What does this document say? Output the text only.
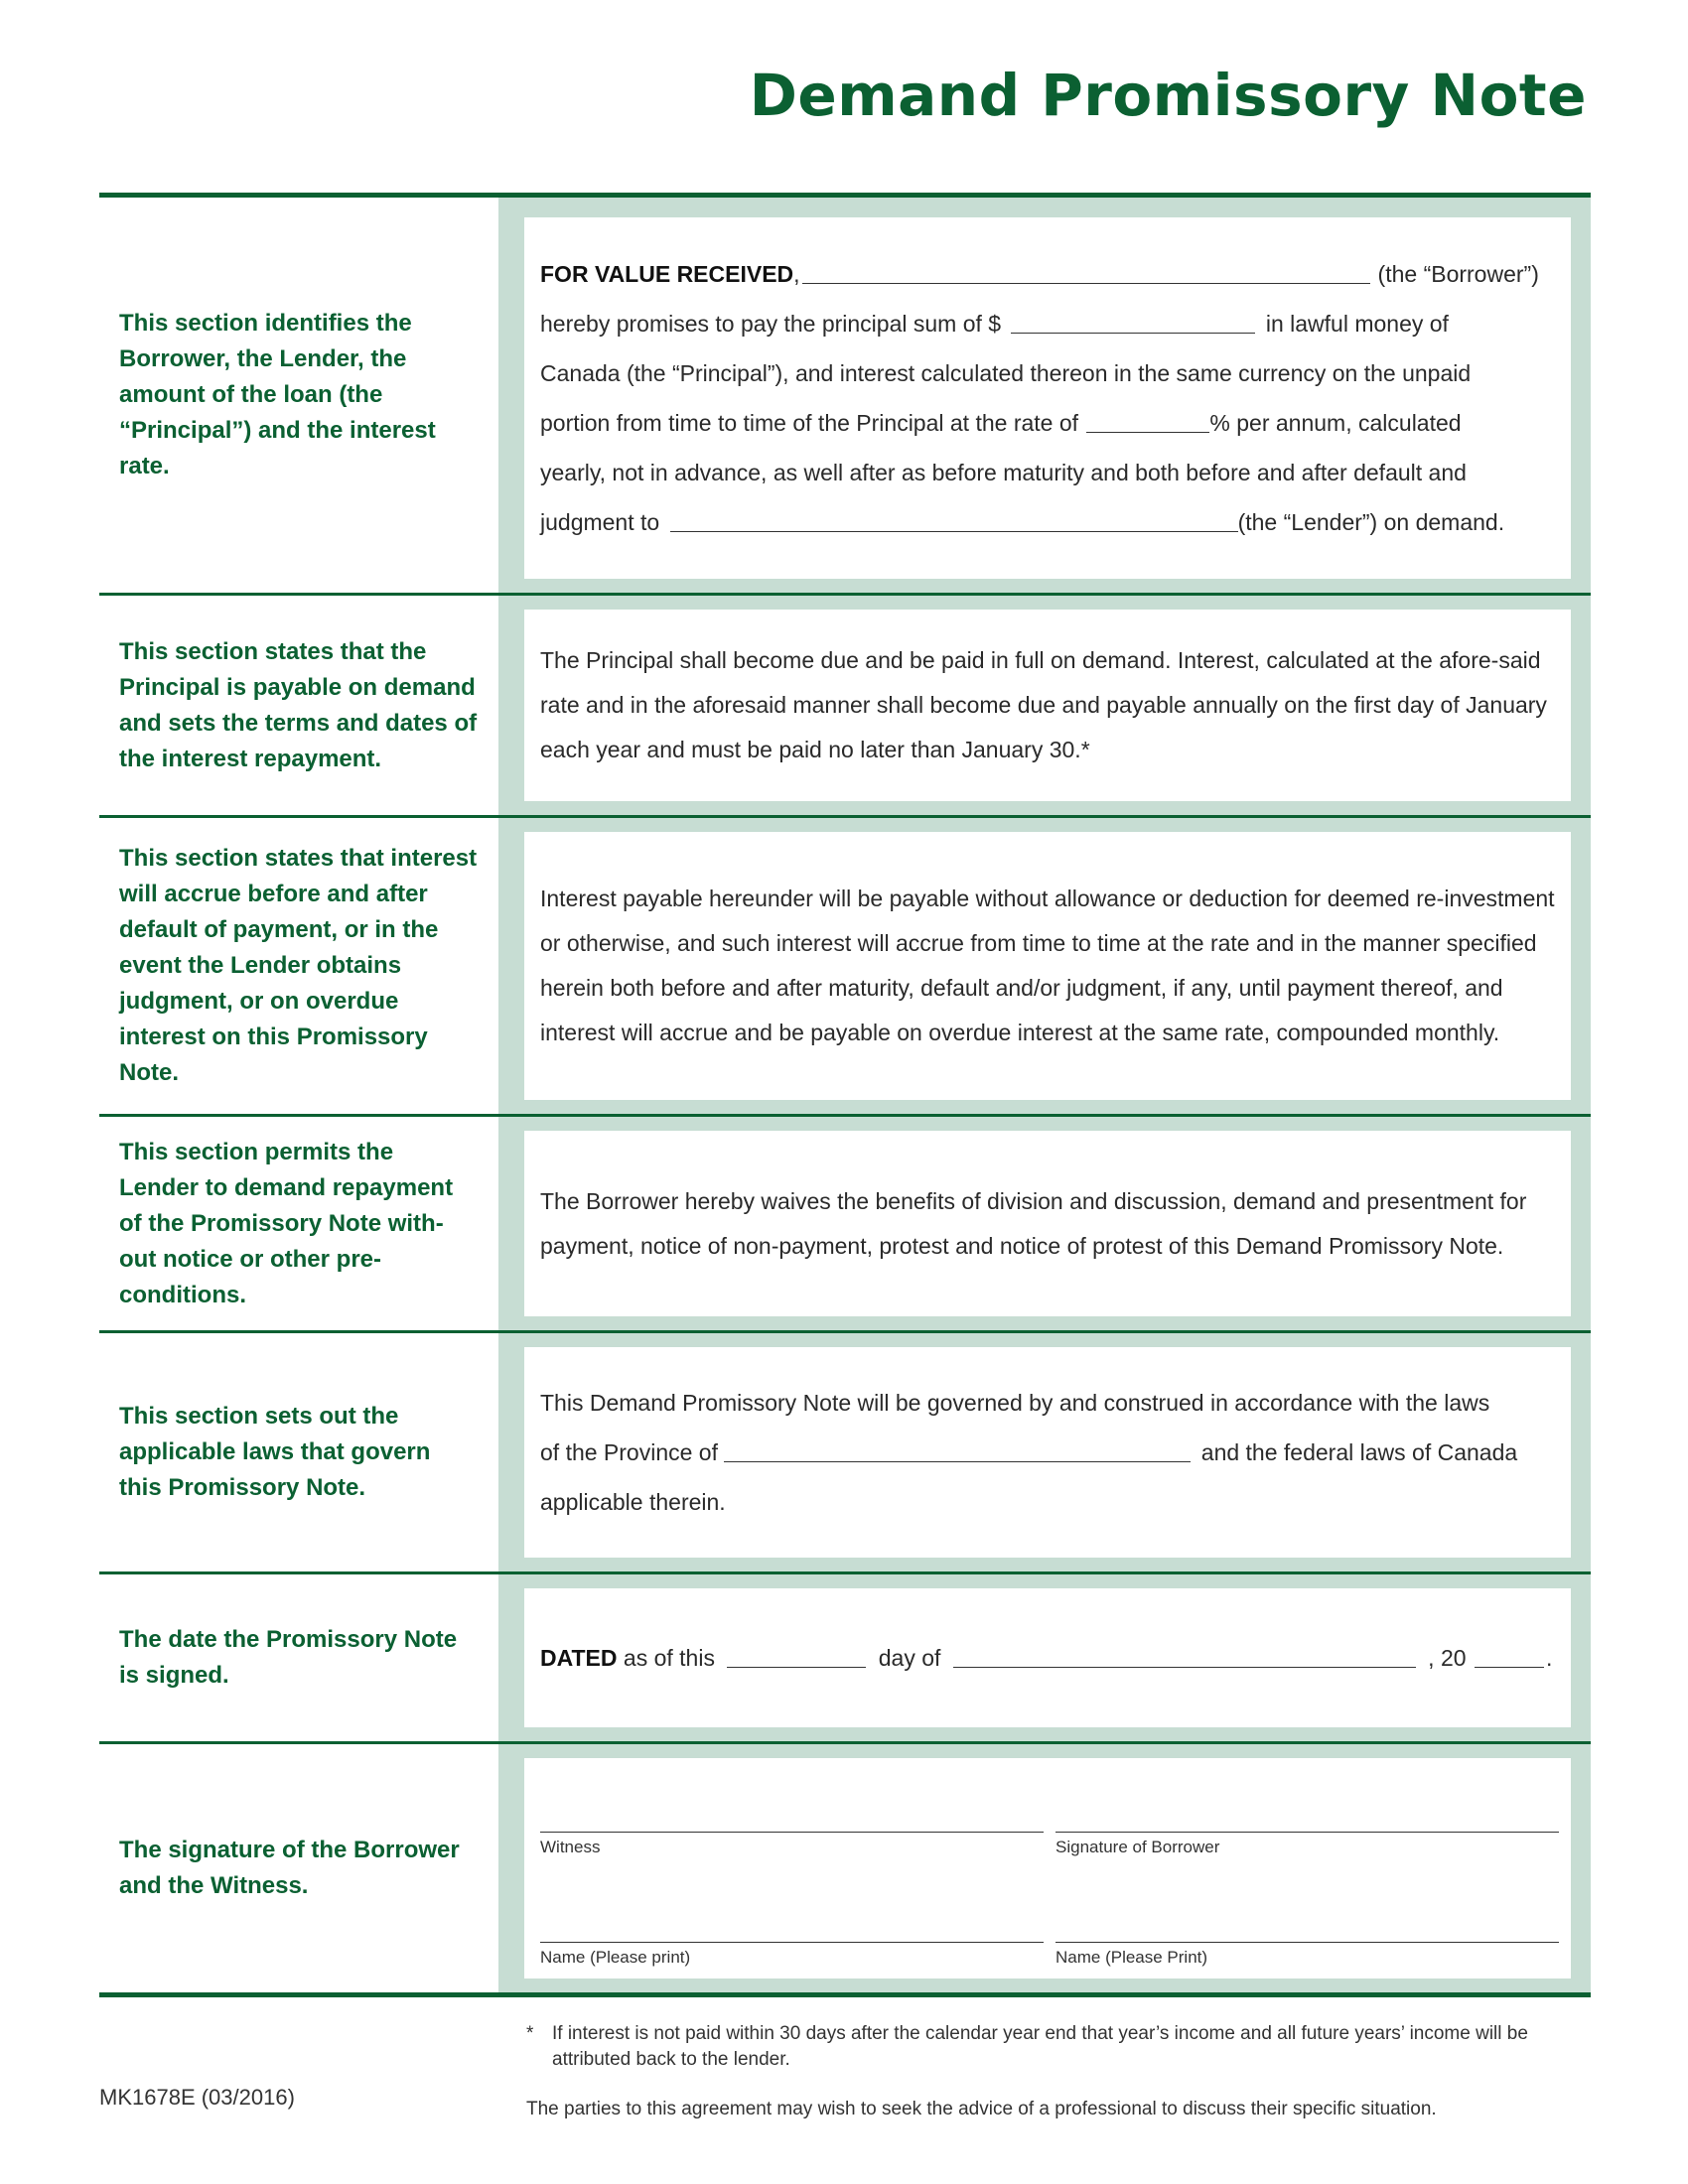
Demand Promissory Note

This section identifies the Borrower, the Lender, the amount of the loan (the “Principal”) and the interest rate.

FOR VALUE RECEIVED,	(the “Borrower”)
hereby promises to pay the principal sum of $	in lawful money of
Canada (the “Principal”), and interest calculated thereon in the same currency on the unpaid
portion from time to time of the Principal at the rate of	% per annum, calculated
yearly, not in advance, as well after as before maturity and both before and after default and
judgment to	(the “Lender”) on demand.

This section states that the Principal is payable on demand and sets the terms and dates of the interest repayment.

The Principal shall become due and be paid in full on demand. Interest, calculated at the afore-said rate and in the aforesaid manner shall become due and payable annually on the first day of January each year and must be paid no later than January 30.*

This section states that interest will accrue before and after default of payment, or in the event the Lender obtains judgment, or on overdue interest on this Promissory Note.

Interest payable hereunder will be payable without allowance or deduction for deemed re-investment or otherwise, and such interest will accrue from time to time at the rate and in the manner specified herein both before and after maturity, default and/or judgment, if any, until payment thereof, and interest will accrue and be payable on overdue interest at the same rate, compounded monthly.

This section permits the Lender to demand repayment of the Promissory Note with-out notice or other pre-conditions.

The Borrower hereby waives the benefits of division and discussion, demand and presentment for payment, notice of non-payment, protest and notice of protest of this Demand Promissory Note.

This section sets out the applicable laws that govern this Promissory Note.

This Demand Promissory Note will be governed by and construed in accordance with the laws
of the Province of	and the federal laws of Canada
applicable therein.

The date the Promissory Note is signed.

DATED as of this	day of	, 20	.

The signature of the Borrower and the Witness.

Witness	Signature of Borrower
Name (Please print)	Name (Please Print)
* If interest is not paid within 30 days after the calendar year end that year’s income and all future years’ income will be attributed back to the lender.
The parties to this agreement may wish to seek the advice of a professional to discuss their specific situation.
MK1678E (03/2016)
